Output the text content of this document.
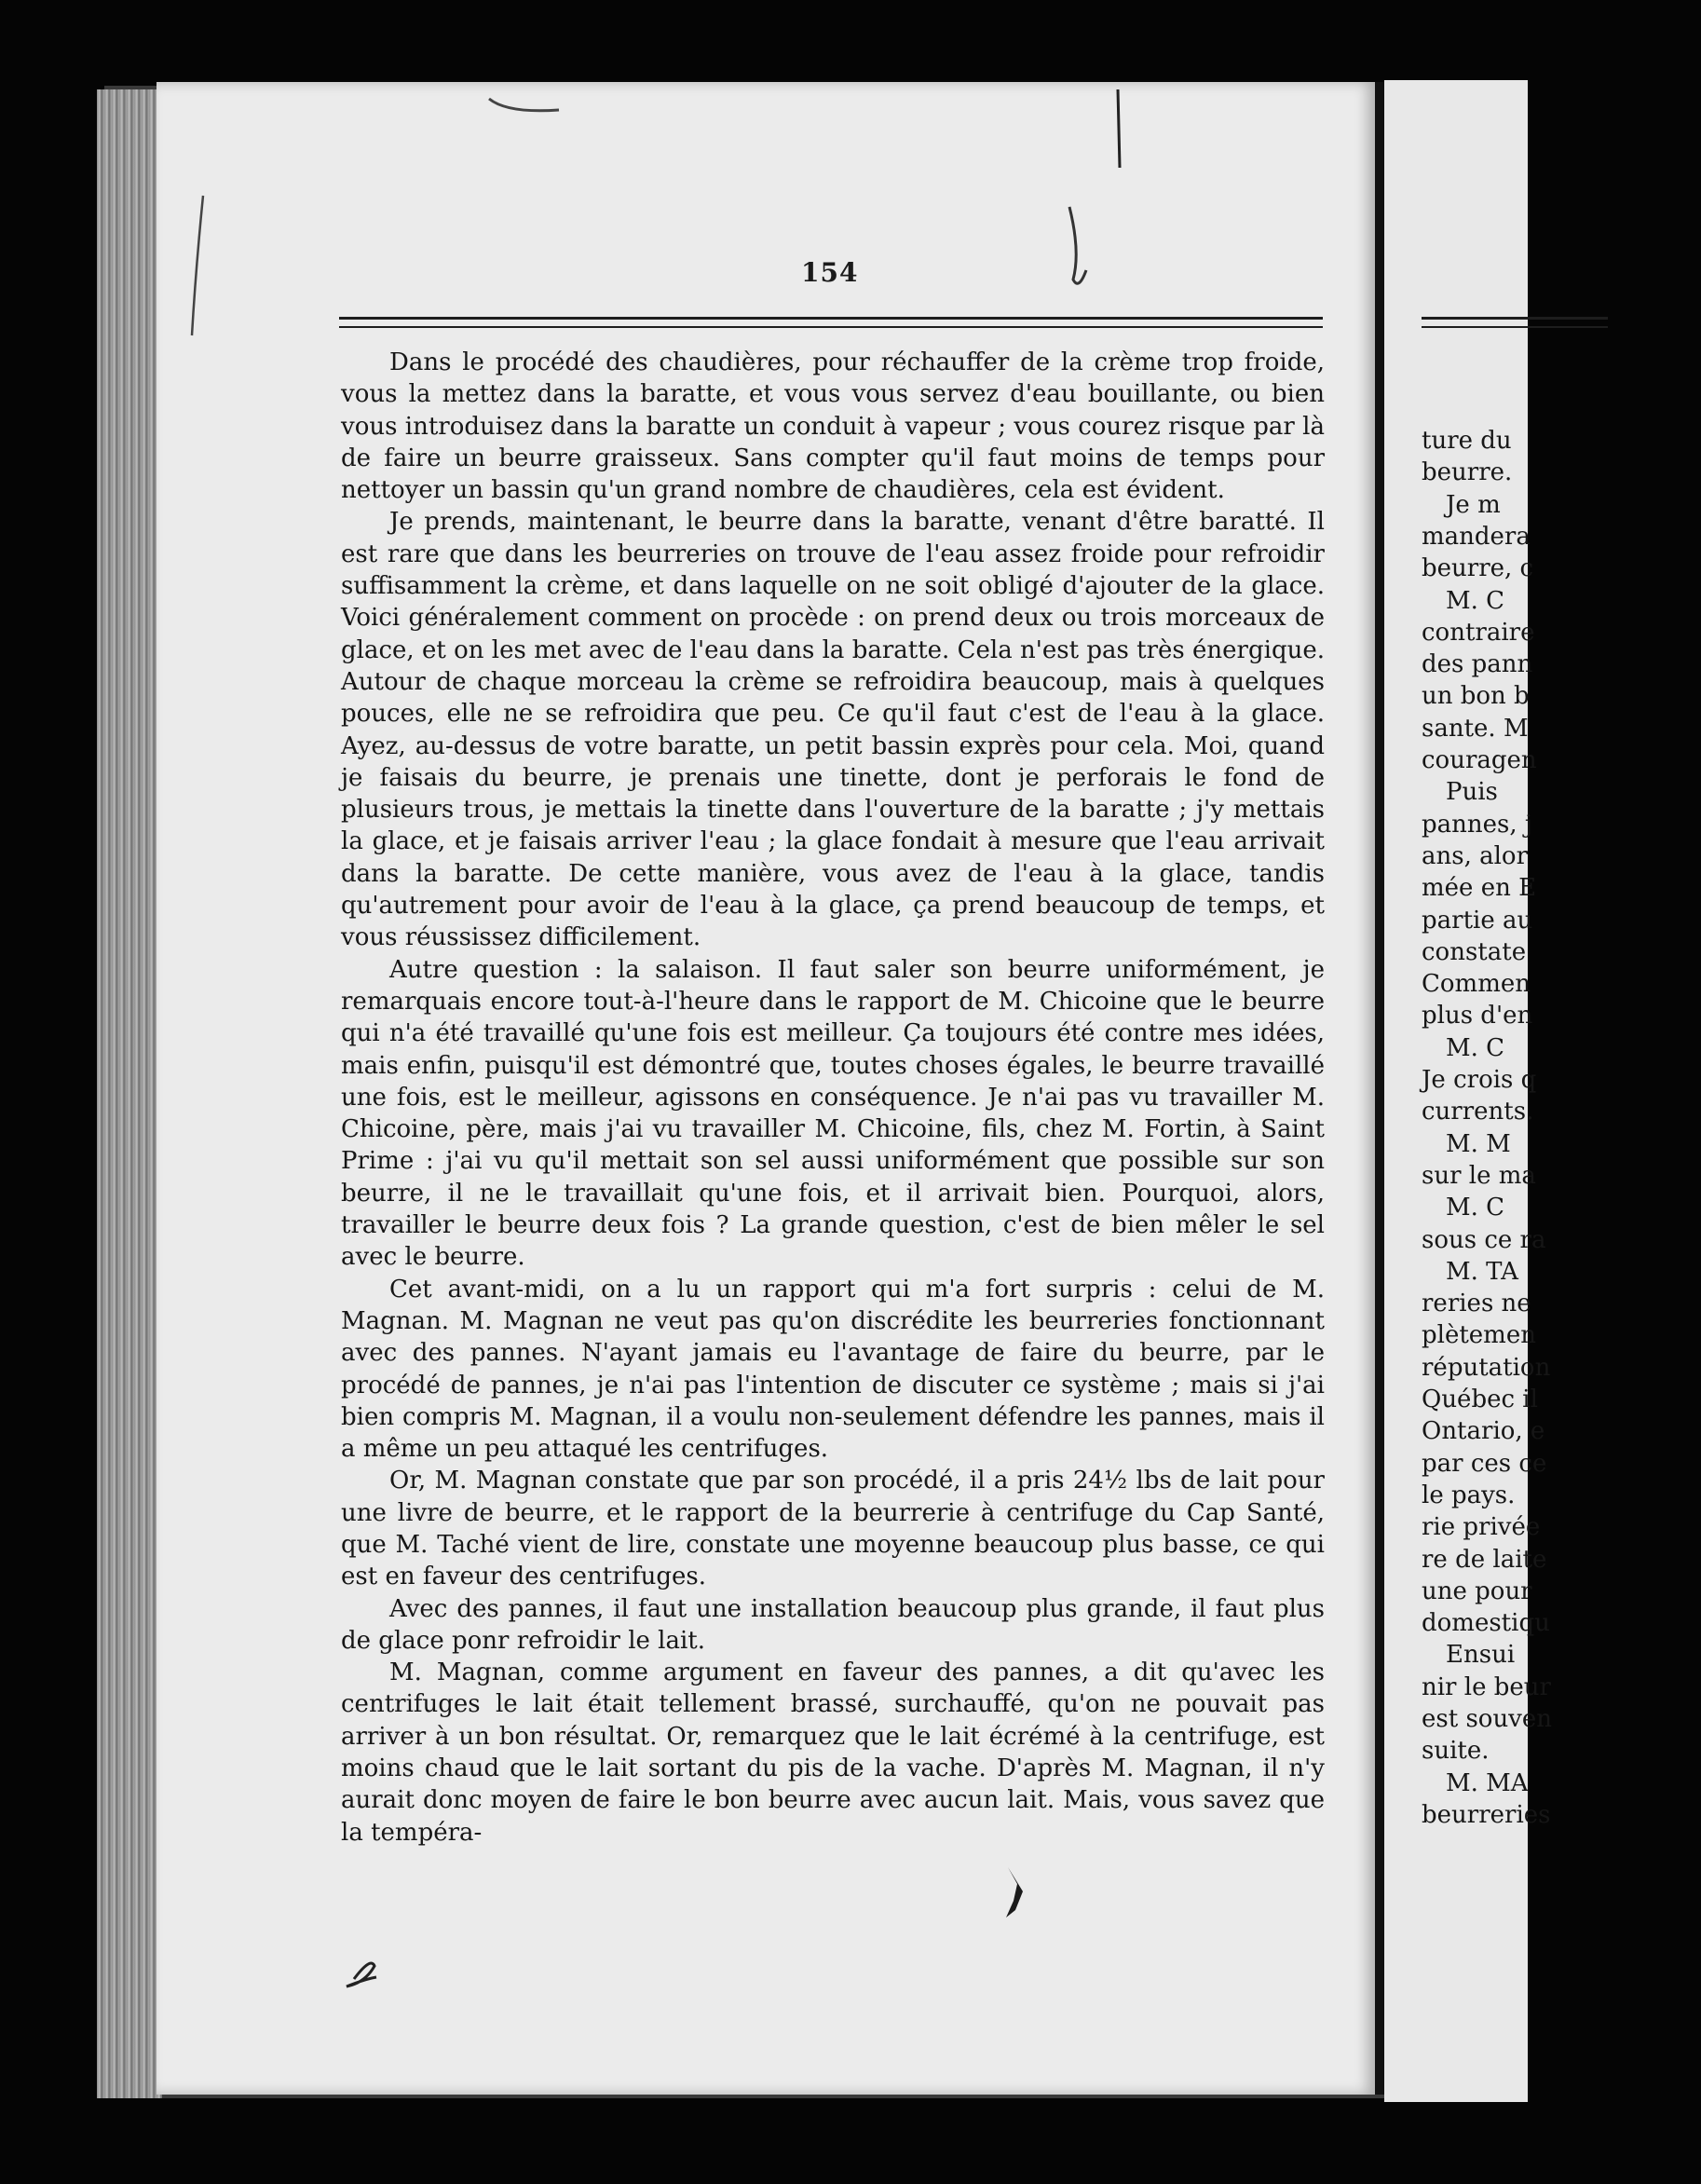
154

Dans le procédé des chaudières, pour réchauffer de la crème trop froide, vous la mettez dans la baratte, et vous vous servez d'eau bouillante, ou bien vous introduisez dans la baratte un conduit à vapeur ; vous courez risque par là de faire un beurre graisseux. Sans compter qu'il faut moins de temps pour nettoyer un bassin qu'un grand nombre de chaudières, cela est évident.

Je prends, maintenant, le beurre dans la baratte, venant d'être baratté. Il est rare que dans les beurreries on trouve de l'eau assez froide pour refroidir suffisamment la crème, et dans laquelle on ne soit obligé d'ajouter de la glace. Voici généralement comment on procède : on prend deux ou trois morceaux de glace, et on les met avec de l'eau dans la baratte. Cela n'est pas très énergique. Autour de chaque morceau la crème se refroidira beaucoup, mais à quelques pouces, elle ne se refroidira que peu. Ce qu'il faut c'est de l'eau à la glace. Ayez, au-dessus de votre baratte, un petit bassin exprès pour cela. Moi, quand je faisais du beurre, je prenais une tinette, dont je perforais le fond de plusieurs trous, je mettais la tinette dans l'ouverture de la baratte ; j'y mettais la glace, et je faisais arriver l'eau ; la glace fondait à mesure que l'eau arrivait dans la baratte. De cette manière, vous avez de l'eau à la glace, tandis qu'autrement pour avoir de l'eau à la glace, ça prend beaucoup de temps, et vous réussissez difficilement.

Autre question : la salaison. Il faut saler son beurre uniformément, je remarquais encore tout-à-l'heure dans le rapport de M. Chicoine que le beurre qui n'a été travaillé qu'une fois est meilleur. Ça toujours été contre mes idées, mais enfin, puisqu'il est démontré que, toutes choses égales, le beurre travaillé une fois, est le meilleur, agissons en conséquence. Je n'ai pas vu travailler M. Chicoine, père, mais j'ai vu travailler M. Chicoine, fils, chez M. Fortin, à Saint Prime : j'ai vu qu'il mettait son sel aussi uniformément que possible sur son beurre, il ne le travaillait qu'une fois, et il arrivait bien. Pourquoi, alors, travailler le beurre deux fois ? La grande question, c'est de bien mêler le sel avec le beurre.

Cet avant-midi, on a lu un rapport qui m'a fort surpris : celui de M. Magnan. M. Magnan ne veut pas qu'on discrédite les beurreries fonctionnant avec des pannes. N'ayant jamais eu l'avantage de faire du beurre, par le procédé de pannes, je n'ai pas l'intention de discuter ce système ; mais si j'ai bien compris M. Magnan, il a voulu non-seulement défendre les pannes, mais il a même un peu attaqué les centrifuges.

Or, M. Magnan constate que par son procédé, il a pris 24½ lbs de lait pour une livre de beurre, et le rapport de la beurrerie à centrifuge du Cap Santé, que M. Taché vient de lire, constate une moyenne beaucoup plus basse, ce qui est en faveur des centrifuges.

Avec des pannes, il faut une installation beaucoup plus grande, il faut plus de glace ponr refroidir le lait.

M. Magnan, comme argument en faveur des pannes, a dit qu'avec les centrifuges le lait était tellement brassé, surchauffé, qu'on ne pouvait pas arriver à un bon résultat. Or, remarquez que le lait écrémé à la centrifuge, est moins chaud que le lait sortant du pis de la vache. D'après M. Magnan, il n'y aurait donc moyen de faire le bon beurre avec aucun lait. Mais, vous savez que la tempéra-

ture du
beurre.
Je m
mandera
beurre, c
M. C
contraire
des pann
un bon b
sante. M
couragen
Puis
pannes, j
ans, alor
mée en E
partie au
constate
Commen
plus d'en
M. C
Je crois q
currents.
M. M
sur le ma
M. C
sous ce ra
M. TA
reries ne
plètemen
réputation
Québec il
Ontario, e
par ces ce
le pays.
rie privée
re de laite
une pour
domestiqu
Ensui
nir le beur
est souven
suite.
M. MA
beurreries
